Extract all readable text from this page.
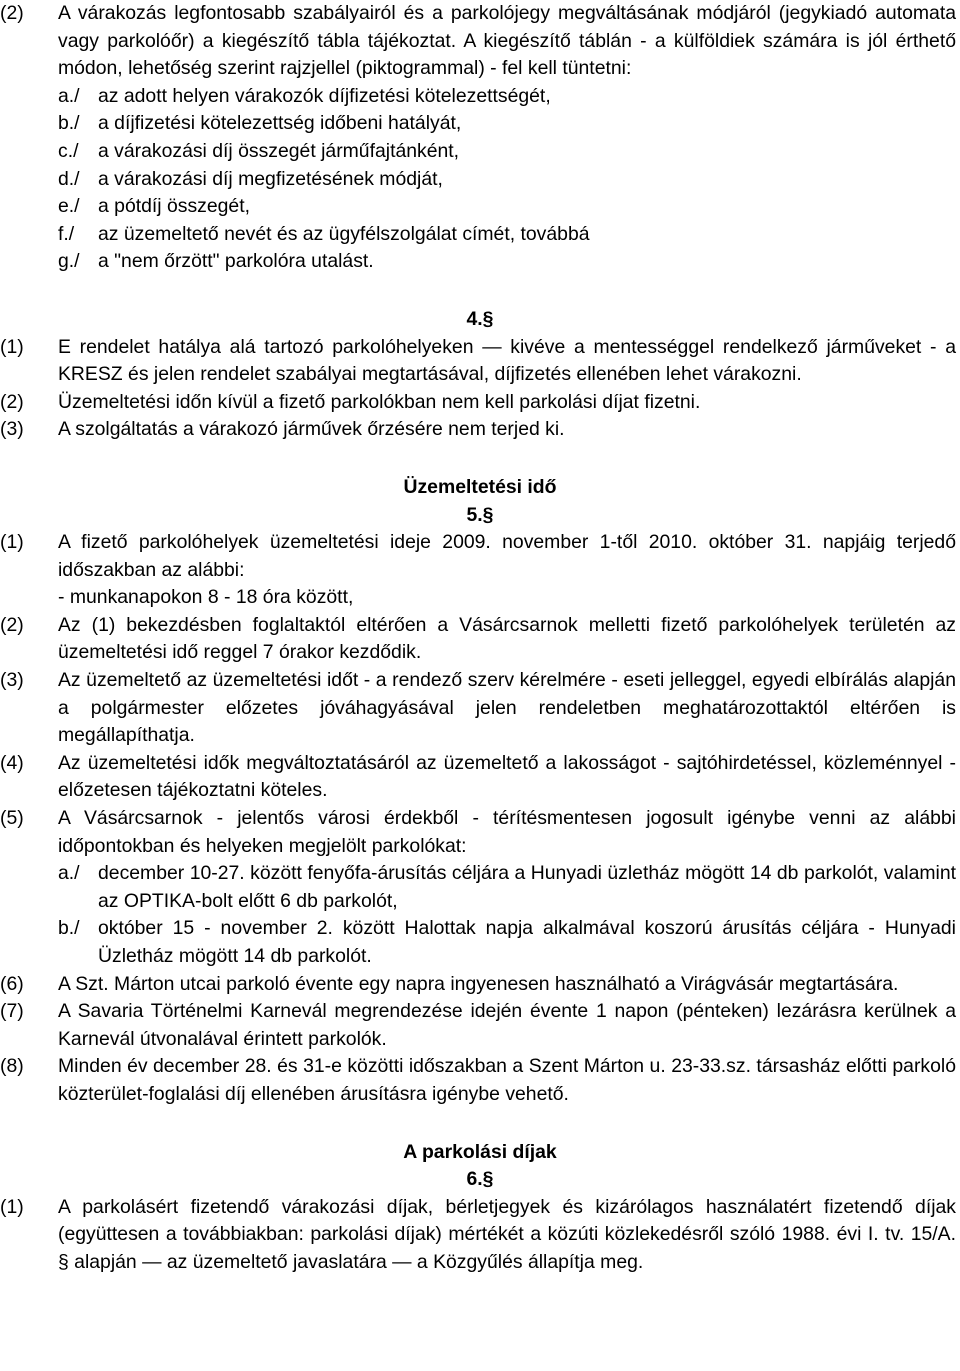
(2) A várakozás legfontosabb szabályairól és a parkolójegy megváltásának módjáról (jegykiadó automata vagy parkolóőr) a kiegészítő tábla tájékoztat. A kiegészítő táblán - a külföldiek számára is jól érthető módon, lehetőség szerint rajzjellel (piktogrammal) - fel kell tüntetni:
a./ az adott helyen várakozók díjfizetési kötelezettségét,
b./ a díjfizetési kötelezettség időbeni hatályát,
c./ a várakozási díj összegét járműfajtánként,
d./ a várakozási díj megfizetésének módját,
e./ a pótdíj összegét,
f./ az üzemeltető nevét és az ügyfélszolgálat címét, továbbá
g./ a "nem őrzött" parkolóra utalást.
4.§
(1) E rendelet hatálya alá tartozó parkolóhelyeken — kivéve a mentességgel rendelkező járműveket - a KRESZ és jelen rendelet szabályai megtartásával, díjfizetés ellenében lehet várakozni.
(2) Üzemeltetési időn kívül a fizető parkolókban nem kell parkolási díjat fizetni.
(3) A szolgáltatás a várakozó járművek őrzésére nem terjed ki.
Üzemeltetési idő
5.§
(1) A fizető parkolóhelyek üzemeltetési ideje 2009. november 1-től 2010. október 31. napjáig terjedő időszakban az alábbi:
- munkanapokon 8 - 18 óra között,
(2) Az (1) bekezdésben foglaltaktól eltérően a Vásárcsarnok melletti fizető parkolóhelyek területén az üzemeltetési idő reggel 7 órakor kezdődik.
(3) Az üzemeltető az üzemeltetési időt - a rendező szerv kérelmére - eseti jelleggel, egyedi elbírálás alapján a polgármester előzetes jóváhagyásával jelen rendeletben meghatározottaktól eltérően is megállapíthatja.
(4) Az üzemeltetési idők megváltoztatásáról az üzemeltető a lakosságot - sajtóhirdetéssel, közleménnyel - előzetesen tájékoztatni köteles.
(5) A Vásárcsarnok - jelentős városi érdekből - térítésmentesen jogosult igénybe venni az alábbi időpontokban és helyeken megjelölt parkolókat:
a./ december 10-27. között fenyőfa-árusítás céljára a Hunyadi üzletház mögött 14 db parkolót, valamint az OPTIKA-bolt előtt 6 db parkolót,
b./ október 15 - november 2. között Halottak napja alkalmával koszorú árusítás céljára - Hunyadi Üzletház mögött 14 db parkolót.
(6) A Szt. Márton utcai parkoló évente egy napra ingyenesen használható a Virágvásár megtartására.
(7) A Savaria Történelmi Karnevál megrendezése idején évente 1 napon (pénteken) lezárásra kerülnek a Karnevál útvonalával érintett parkolók.
(8) Minden év december 28. és 31-e közötti időszakban a Szent Márton u. 23-33.sz. társasház előtti parkoló közterület-foglalási díj ellenében árusításra igénybe vehető.
A parkolási díjak
6.§
(1) A parkolásért fizetendő várakozási díjak, bérletjegyek és kizárólagos használatért fizetendő díjak (együttesen a továbbiakban: parkolási díjak) mértékét a közúti közlekedésről szóló 1988. évi I. tv. 15/A. § alapján — az üzemeltető javaslatára — a Közgyűlés állapítja meg.
